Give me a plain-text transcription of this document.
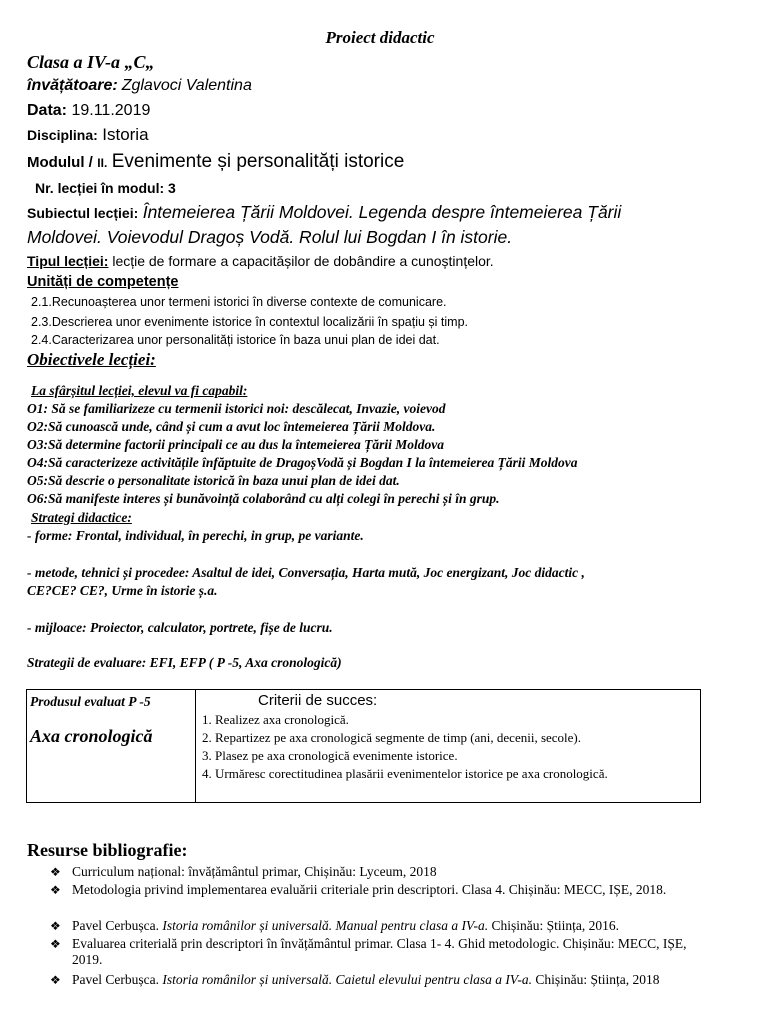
Proiect didactic
Clasa a IV-a „C„
învățătoare: Zglavoci Valentina
Data: 19.11.2019
Disciplina: Istoria
Modulul / II. Evenimente și personalități istorice
Nr. lecției în modul: 3
Subiectul lecției: Întemeierea Țării Moldovei. Legenda despre întemeierea Țării
Moldovei. Voievodul Dragoș Vodă. Rolul lui Bogdan I în istorie.
Tipul lecției: lecție de formare a capacitășilor de dobândire a cunoștințelor.
Unități de competențe
2.1.Recunoașterea unor termeni istorici în diverse contexte de comunicare.
2.3.Descrierea unor evenimente istorice în contextul localizării în spațiu și timp.
2.4.Caracterizarea unor personalități istorice în baza unui plan de idei dat.
Obiectivele lecției:
La sfârșitul lecției, elevul va fi capabil:
O1: Să se familiarizeze cu termenii istorici noi: descălecat, Invazie, voievod
O2:Să cunoască unde, când și cum a avut loc întemeierea Țării Moldova.
O3:Să determine factorii principali ce au dus la întemeierea Țării Moldova
O4:Să caracterizeze activitățile înfăptuite de DragoșVodă și Bogdan I la întemeierea Țării Moldova
O5:Să descrie o personalitate istorică în baza unui plan de idei dat.
O6:Să manifeste interes și bunăvoință colaborând cu alți colegi în perechi și în grup.
Strategi didactice:
- forme: Frontal, individual, în perechi, in grup, pe variante.
- metode, tehnici și procedee: Asaltul de idei, Conversația, Harta mută, Joc energizant, Joc didactic ,
CE?CE? CE?, Urme în istorie ș.a.
- mijloace: Proiector, calculator, portrete, fișe de lucru.
Strategii de evaluare: EFI, EFP ( P -5, Axa cronologică)
Produsul evaluat P -5
Axa cronologică

Criterii de succes:
1. Realizez axa cronologică.
2. Repartizez pe axa cronologică segmente de timp (ani, decenii, secole).
3. Plasez pe axa cronologică evenimente istorice.
4. Urmăresc corectitudinea plasării evenimentelor istorice pe axa cronologică.
Resurse bibliografie:
❖ Curriculum național: învățământul primar, Chișinău: Lyceum, 2018
❖ Metodologia privind implementarea evaluării criteriale prin descriptori. Clasa 4. Chișinău: MECC, IȘE, 2018.
❖ Pavel Cerbușca. Istoria românilor și universală. Manual pentru clasa a IV-a. Chișinău: Știința, 2016.
❖ Evaluarea criterială prin descriptori în învățământul primar. Clasa 1- 4. Ghid metodologic. Chișinău: MECC, IȘE, 2019.
❖ Pavel Cerbușca. Istoria românilor și universală. Caietul elevului pentru clasa a IV-a. Chișinău: Știința, 2018
